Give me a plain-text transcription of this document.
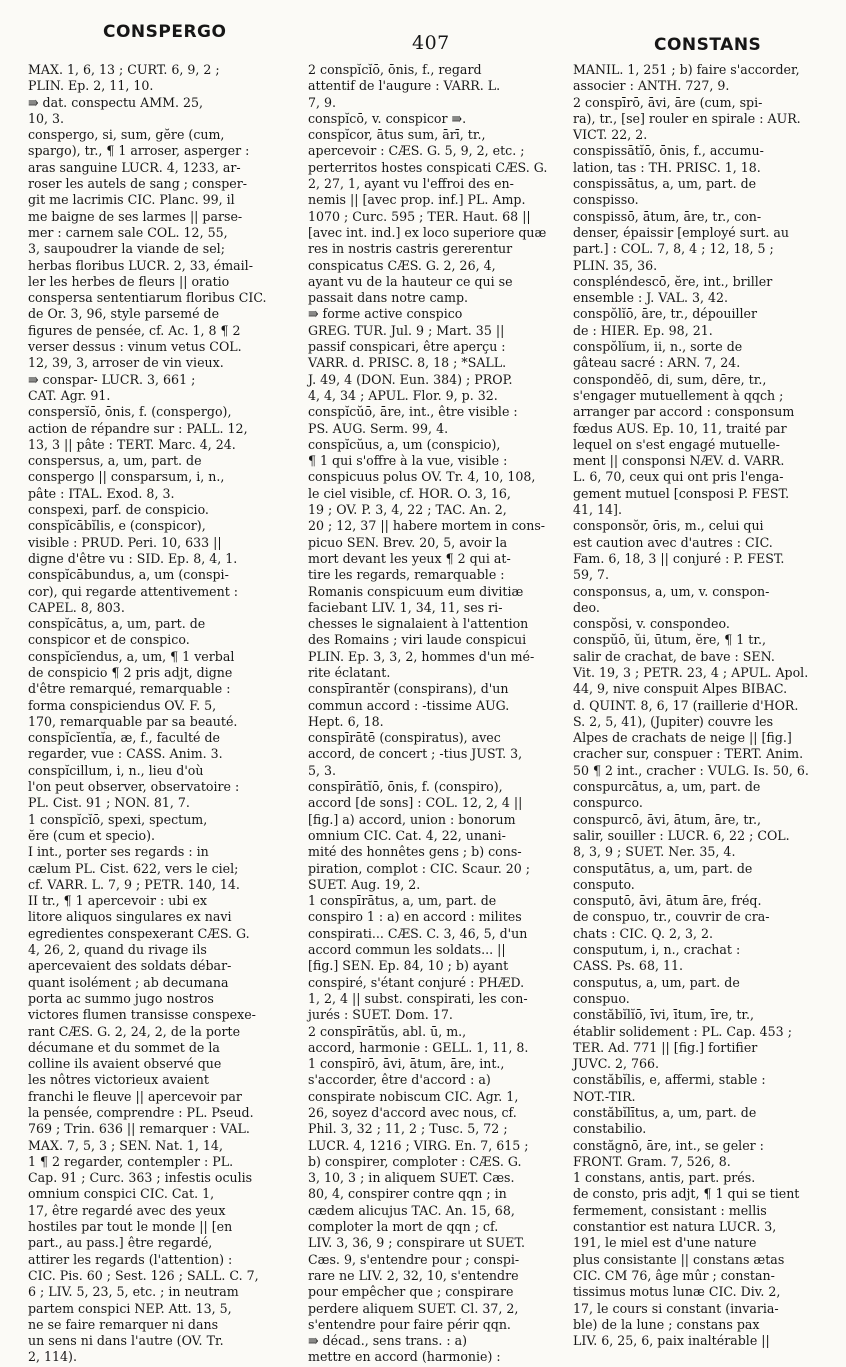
CONSPERGO	407	CONSTANS
MAX. 1, 6, 13 ; CURT. 6, 9, 2 ;
PLIN. Ep. 2, 11, 10.
⇛ dat. conspectu AMM. 25,
10, 3.
conspergo, si, sum, gĕre (cum,
spargo), tr., ¶ 1 arroser, asperger :
aras sanguine LUCR. 4, 1233, ar-
roser les autels de sang ; consper-
git me lacrimis CIC. Planc. 99, il
me baigne de ses larmes || parse-
mer : carnem sale COL. 12, 55,
3, saupoudrer la viande de sel;
herbas floribus LUCR. 2, 33, émail-
ler les herbes de fleurs || oratio
conspersa sententiarum floribus CIC.
de Or. 3, 96, style parsemé de
figures de pensée, cf. Ac. 1, 8 ¶ 2
verser dessus : vinum vetus COL.
12, 39, 3, arroser de vin vieux.
⇛ conspar- LUCR. 3, 661 ;
CAT. Agr. 91.
conspersĭō, ōnis, f. (conspergo),
action de répandre sur : PALL. 12,
13, 3 || pâte : TERT. Marc. 4, 24.
conspersus, a, um, part. de
conspergo || consparsum, i, n.,
pâte : ITAL. Exod. 8, 3.
conspexi, parf. de conspicio.
conspĭcābĭlis, e (conspicor),
visible : PRUD. Peri. 10, 633 ||
digne d'être vu : SID. Ep. 8, 4, 1.
conspĭcābundus, a, um (conspi-
cor), qui regarde attentivement :
CAPEL. 8, 803.
conspĭcātus, a, um, part. de
conspicor et de conspico.
conspĭcĭendus, a, um, ¶ 1 verbal
de conspicio ¶ 2 pris adjt, digne
d'être remarqué, remarquable :
forma conspiciendus OV. F. 5,
170, remarquable par sa beauté.
conspĭcĭentĭa, æ, f., faculté de
regarder, vue : CASS. Anim. 3.
conspĭcillum, i, n., lieu d'où
l'on peut observer, observatoire :
PL. Cist. 91 ; NON. 81, 7.
1 conspĭcĭō, spexi, spectum,
ĕre (cum et specio).
I int., porter ses regards : in
cælum PL. Cist. 622, vers le ciel;
cf. VARR. L. 7, 9 ; PETR. 140, 14.
II tr., ¶ 1 apercevoir : ubi ex
litore aliquos singulares ex navi
egredientes conspexerant CÆS. G.
4, 26, 2, quand du rivage ils
apercevaient des soldats débar-
quant isolément ; ab decumana
porta ac summo jugo nostros
victores flumen transisse conspexe-
rant CÆS. G. 2, 24, 2, de la porte
décumane et du sommet de la
colline ils avaient observé que
les nôtres victorieux avaient
franchi le fleuve || apercevoir par
la pensée, comprendre : PL. Pseud.
769 ; Trin. 636 || remarquer : VAL.
MAX. 7, 5, 3 ; SEN. Nat. 1, 14,
1 ¶ 2 regarder, contempler : PL.
Cap. 91 ; Curc. 363 ; infestis oculis
omnium conspici CIC. Cat. 1,
17, être regardé avec des yeux
hostiles par tout le monde || [en
part., au pass.] être regardé,
attirer les regards (l'attention) :
CIC. Pis. 60 ; Sest. 126 ; SALL. C. 7,
6 ; LIV. 5, 23, 5, etc. ; in neutram
partem conspici NEP. Att. 13, 5,
ne se faire remarquer ni dans
un sens ni dans l'autre (OV. Tr.
2, 114).
2 conspĭcĭō, ōnis, f., regard
attentif de l'augure : VARR. L.
7, 9.
conspĭcō, v. conspicor ⇛.
conspĭcor, ātus sum, ārī, tr.,
apercevoir : CÆS. G. 5, 9, 2, etc. ;
perterritos hostes conspicati CÆS. G.
2, 27, 1, ayant vu l'effroi des en-
nemis || [avec prop. inf.] PL. Amp.
1070 ; Curc. 595 ; TER. Haut. 68 ||
[avec int. ind.] ex loco superiore quæ
res in nostris castris gererentur
conspicatus CÆS. G. 2, 26, 4,
ayant vu de la hauteur ce qui se
passait dans notre camp.
⇛ forme active conspico
GREG. TUR. Jul. 9 ; Mart. 35 ||
passif conspicari, être aperçu :
VARR. d. PRISC. 8, 18 ; *SALL.
J. 49, 4 (DON. Eun. 384) ; PROP.
4, 4, 34 ; APUL. Flor. 9, p. 32.
conspĭcŭō, āre, int., être visible :
PS. AUG. Serm. 99, 4.
conspĭcŭus, a, um (conspicio),
¶ 1 qui s'offre à la vue, visible :
conspicuus polus OV. Tr. 4, 10, 108,
le ciel visible, cf. HOR. O. 3, 16,
19 ; OV. P. 3, 4, 22 ; TAC. An. 2,
20 ; 12, 37 || habere mortem in cons-
picuo SEN. Brev. 20, 5, avoir la
mort devant les yeux ¶ 2 qui at-
tire les regards, remarquable :
Romanis conspicuum eum divitiæ
faciebant LIV. 1, 34, 11, ses ri-
chesses le signalaient à l'attention
des Romains ; viri laude conspicui
PLIN. Ep. 3, 3, 2, hommes d'un mé-
rite éclatant.
conspīrantĕr (conspirans), d'un
commun accord : -tissime AUG.
Hept. 6, 18.
conspīrātē (conspiratus), avec
accord, de concert ; -tius JUST. 3,
5, 3.
conspīrātĭō, ōnis, f. (conspiro),
accord [de sons] : COL. 12, 2, 4 ||
[fig.] a) accord, union : bonorum
omnium CIC. Cat. 4, 22, unani-
mité des honnêtes gens ; b) cons-
piration, complot : CIC. Scaur. 20 ;
SUET. Aug. 19, 2.
1 conspīrātus, a, um, part. de
conspiro 1 : a) en accord : milites
conspirati... CÆS. C. 3, 46, 5, d'un
accord commun les soldats... ||
[fig.] SEN. Ep. 84, 10 ; b) ayant
conspiré, s'étant conjuré : PHÆD.
1, 2, 4 || subst. conspirati, les con-
jurés : SUET. Dom. 17.
2 conspīrātŭs, abl. ū, m.,
accord, harmonie : GELL. 1, 11, 8.
1 conspīrō, āvi, ātum, āre, int.,
s'accorder, être d'accord : a)
conspirate nobiscum CIC. Agr. 1,
26, soyez d'accord avec nous, cf.
Phil. 3, 32 ; 11, 2 ; Tusc. 5, 72 ;
LUCR. 4, 1216 ; VIRG. En. 7, 615 ;
b) conspirer, comploter : CÆS. G.
3, 10, 3 ; in aliquem SUET. Cæs.
80, 4, conspirer contre qqn ; in
cædem alicujus TAC. An. 15, 68,
comploter la mort de qqn ; cf.
LIV. 3, 36, 9 ; conspirare ut SUET.
Cæs. 9, s'entendre pour ; conspi-
rare ne LIV. 2, 32, 10, s'entendre
pour empêcher que ; conspirare
perdere aliquem SUET. Cl. 37, 2,
s'entendre pour faire périr qqn.
⇛ décad., sens trans. : a)
mettre en accord (harmonie) :
MANIL. 1, 251 ; b) faire s'accorder,
associer : ANTH. 727, 9.
2 conspīrō, āvi, āre (cum, spi-
ra), tr., [se] rouler en spirale : AUR.
VICT. 22, 2.
conspissātĭō, ōnis, f., accumu-
lation, tas : TH. PRISC. 1, 18.
conspissātus, a, um, part. de
conspisso.
conspissō, ātum, āre, tr., con-
denser, épaissir [employé surt. au
part.] : COL. 7, 8, 4 ; 12, 18, 5 ;
PLIN. 35, 36.
conspléndescō, ĕre, int., briller
ensemble : J. VAL. 3, 42.
conspŏlĭō, āre, tr., dépouiller
de : HIER. Ep. 98, 21.
conspŏlĭum, ii, n., sorte de
gâteau sacré : ARN. 7, 24.
conspondĕō, di, sum, dēre, tr.,
s'engager mutuellement à qqch ;
arranger par accord : consponsum
fœdus AUS. Ep. 10, 11, traité par
lequel on s'est engagé mutuelle-
ment || consponsi NÆV. d. VARR.
L. 6, 70, ceux qui ont pris l'enga-
gement mutuel [consposi P. FEST.
41, 14].
consponsŏr, ōris, m., celui qui
est caution avec d'autres : CIC.
Fam. 6, 18, 3 || conjuré : P. FEST.
59, 7.
consponsus, a, um, v. conspon-
deo.
conspŏsi, v. conspondeo.
conspŭō, ŭi, ūtum, ĕre, ¶ 1 tr.,
salir de crachat, de bave : SEN.
Vit. 19, 3 ; PETR. 23, 4 ; APUL. Apol.
44, 9, nive conspuit Alpes BIBAC.
d. QUINT. 8, 6, 17 (raillerie d'HOR.
S. 2, 5, 41), (Jupiter) couvre les
Alpes de crachats de neige || [fig.]
cracher sur, conspuer : TERT. Anim.
50 ¶ 2 int., cracher : VULG. Is. 50, 6.
conspurcātus, a, um, part. de
conspurco.
conspurcō, āvi, ātum, āre, tr.,
salir, souiller : LUCR. 6, 22 ; COL.
8, 3, 9 ; SUET. Ner. 35, 4.
consputātus, a, um, part. de
consputo.
consputō, āvi, ātum āre, fréq.
de conspuo, tr., couvrir de cra-
chats : CIC. Q. 2, 3, 2.
consputum, i, n., crachat :
CASS. Ps. 68, 11.
consputus, a, um, part. de
conspuo.
constăbĭlĭō, īvi, ītum, īre, tr.,
établir solidement : PL. Cap. 453 ;
TER. Ad. 771 || [fig.] fortifier
JUVC. 2, 766.
constăbĭlis, e, affermi, stable :
NOT.-TIR.
constăbĭlītus, a, um, part. de
constabilio.
constăgnō, āre, int., se geler :
FRONT. Gram. 7, 526, 8.
1 constans, antis, part. prés.
de consto, pris adjt, ¶ 1 qui se tient
fermement, consistant : mellis
constantior est natura LUCR. 3,
191, le miel est d'une nature
plus consistante || constans ætas
CIC. CM 76, âge mûr ; constan-
tissimus motus lunæ CIC. Div. 2,
17, le cours si constant (invaria-
ble) de la lune ; constans pax
LIV. 6, 25, 6, paix inaltérable ||
